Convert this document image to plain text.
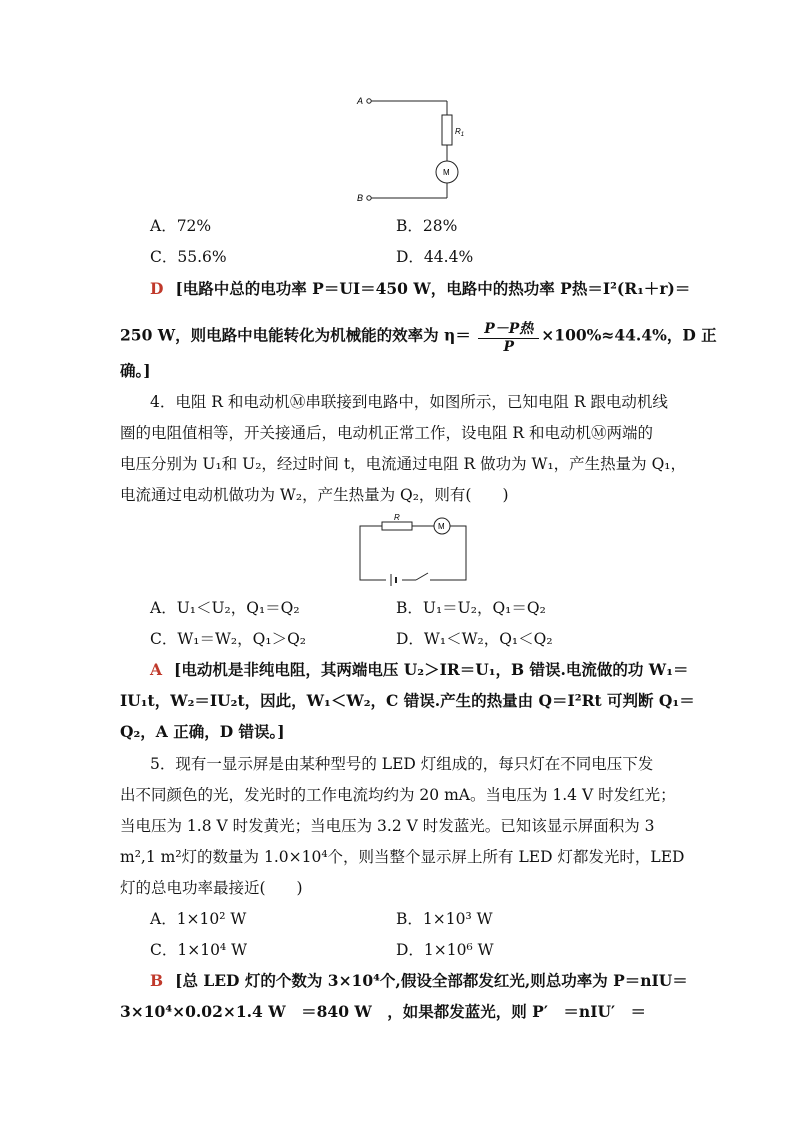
A
B
$R_1$
M
A．72%	B．28%
C．55.6%	D．44.4%
D [电路中总的电功率 P＝UI＝450 W，电路中的热功率 P热＝I²(R₁＋r)＝
250 W，则电路中电能转化为机械能的效率为 η＝ P－P热
P
×100%≈44.4%，D 正
确。]
4．电阻 R 和电动机Ⓜ串联接到电路中，如图所示，已知电阻 R 跟电动机线
圈的电阻值相等，开关接通后，电动机正常工作，设电阻 R 和电动机Ⓜ两端的
电压分别为 U₁和 U₂，经过时间 t，电流通过电阻 R 做功为 W₁，产生热量为 Q₁，
电流通过电动机做功为 W₂，产生热量为 Q₂，则有(　　)
R
M
A．U₁＜U₂，Q₁＝Q₂	B．U₁＝U₂，Q₁＝Q₂
C．W₁＝W₂，Q₁＞Q₂	D．W₁＜W₂，Q₁＜Q₂
A [电动机是非纯电阻，其两端电压 U₂＞IR＝U₁，B 错误.电流做的功 W₁＝
IU₁t，W₂＝IU₂t，因此，W₁＜W₂，C 错误.产生的热量由 Q＝I²Rt 可判断 Q₁＝
Q₂，A 正确，D 错误。]
5．现有一显示屏是由某种型号的 LED 灯组成的，每只灯在不同电压下发
出不同颜色的光，发光时的工作电流均约为 20 mA。当电压为 1.4 V 时发红光；
当电压为 1.8 V 时发黄光；当电压为 3.2 V 时发蓝光。已知该显示屏面积为 3
m²,1 m²灯的数量为 1.0×10⁴个，则当整个显示屏上所有 LED 灯都发光时，LED
灯的总电功率最接近(　　)
A．1×10² W	B．1×10³ W
C．1×10⁴ W	D．1×10⁶ W
B [总 LED 灯的个数为 3×10⁴个,假设全部都发红光,则总功率为 P＝nIU＝
3×10⁴×0.02×1.4 W　＝840 W　，如果都发蓝光，则 P′　＝nIU′　＝
